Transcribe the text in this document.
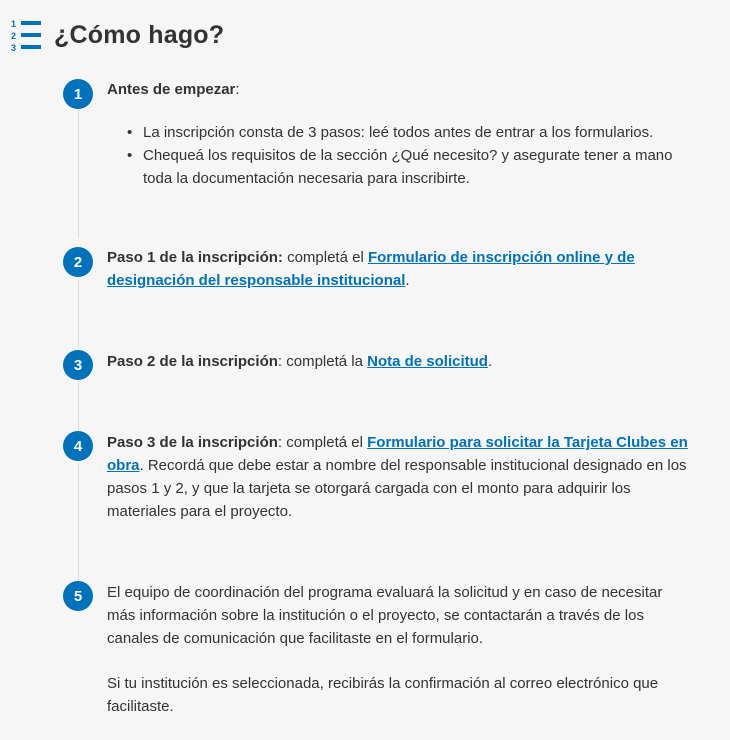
1
2
3 ¿Cómo hago?
1	Antes de empezar:
• La inscripción consta de 3 pasos: leé todos antes de entrar a los formularios.
• Chequeá los requisitos de la sección ¿Qué necesito? y asegurate tener a mano toda la documentación necesaria para inscribirte.
2	Paso 1 de la inscripción: completá el Formulario de inscripción online y de designación del responsable institucional.
3	Paso 2 de la inscripción: completá la Nota de solicitud.
4	Paso 3 de la inscripción: completá el Formulario para solicitar la Tarjeta Clubes en obra. Recordá que debe estar a nombre del responsable institucional designado en los pasos 1 y 2, y que la tarjeta se otorgará cargada con el monto para adquirir los materiales para el proyecto.
5	El equipo de coordinación del programa evaluará la solicitud y en caso de necesitar más información sobre la institución o el proyecto, se contactarán a través de los canales de comunicación que facilitaste en el formulario.
Si tu institución es seleccionada, recibirás la confirmación al correo electrónico que facilitaste.
